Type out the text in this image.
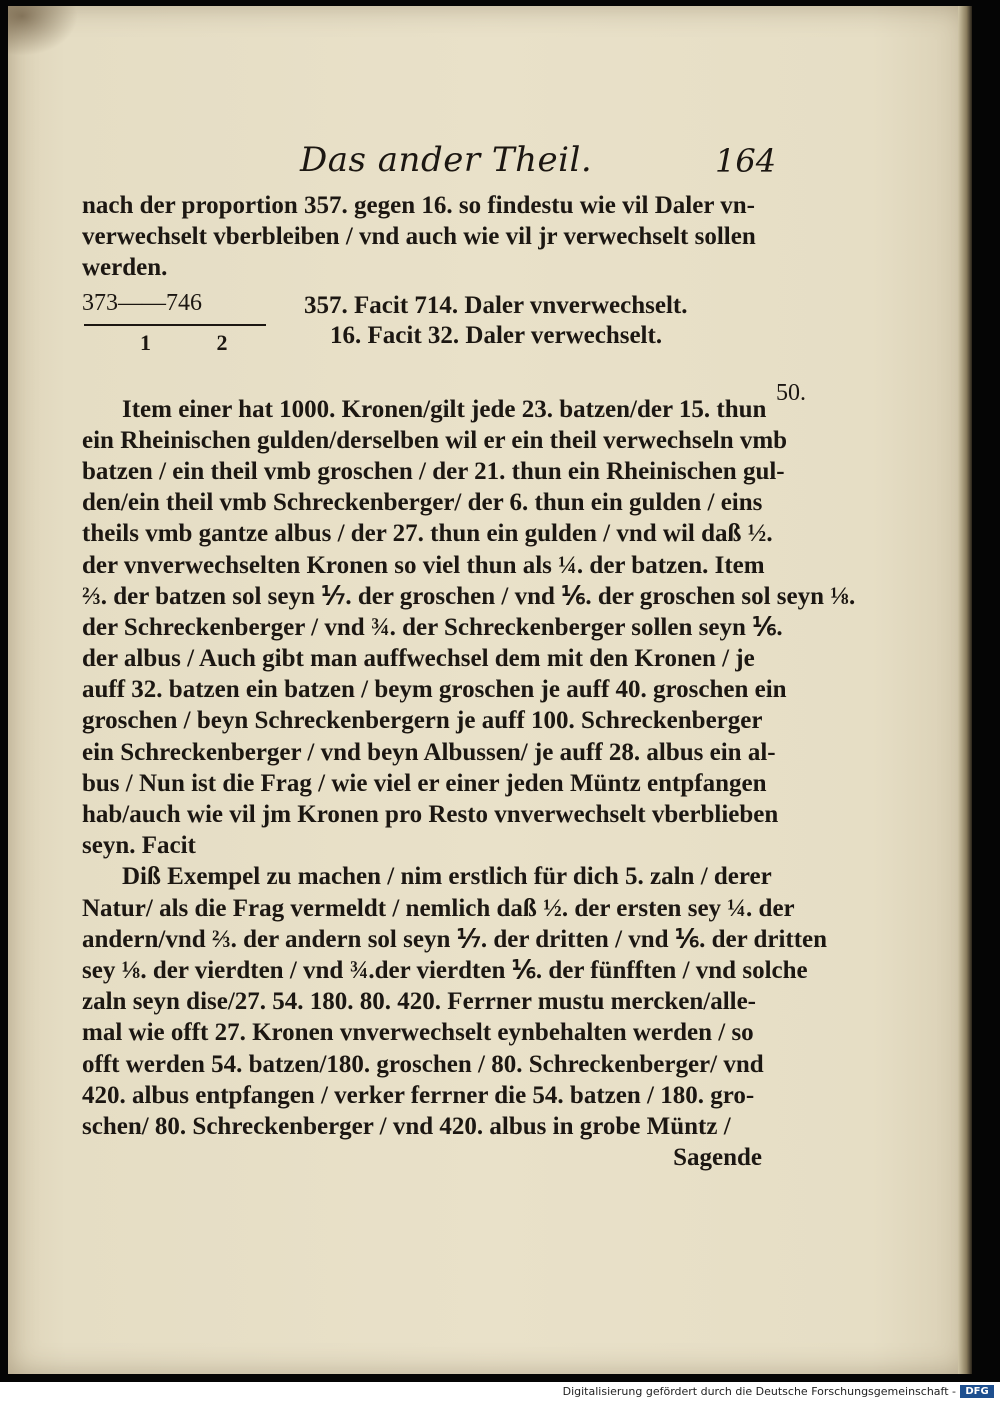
Das ander Theil.	164
nach der proportion 357. gegen 16. so findestu wie vil Daler vn-
verwechselt vberbleiben / vnd auch wie vil jr verwechselt sollen
werden.
Item einer hat 1000. Kronen/gilt jede 23. batzen/der 15. thun
ein Rheinischen gulden/derselben wil er ein theil verwechseln vmb
batzen / ein theil vmb groschen / der 21. thun ein Rheinischen gul-
den/ein theil vmb Schreckenberger/ der 6. thun ein gulden / eins
theils vmb gantze albus / der 27. thun ein gulden / vnd wil daß ½.
der vnverwechselten Kronen so viel thun als ¼. der batzen. Item
⅔. der batzen sol seyn ⅐. der groschen / vnd ⅙. der groschen sol seyn ⅛.
der Schreckenberger / vnd ¾. der Schreckenberger sollen seyn ⅙.
der albus / Auch gibt man auffwechsel dem mit den Kronen / je
auff 32. batzen ein batzen / beym groschen je auff 40. groschen ein
groschen / beyn Schreckenbergern je auff 100. Schreckenberger
ein Schreckenberger / vnd beyn Albussen/ je auff 28. albus ein al-
bus / Nun ist die Frag / wie viel er einer jeden Müntz entpfangen
hab/auch wie vil jm Kronen pro Resto vnverwechselt vberblieben
seyn. Facit
Diß Exempel zu machen / nim erstlich für dich 5. zaln / derer
Natur/ als die Frag vermeldt / nemlich daß ½. der ersten sey ¼. der
andern/vnd ⅔. der andern sol seyn ⅐. der dritten / vnd ⅙. der dritten
sey ⅛. der vierdten / vnd ¾.der vierdten ⅙. der fünfften / vnd solche
zaln seyn dise/27. 54. 180. 80. 420. Ferrner mustu mercken/alle-
mal wie offt 27. Kronen vnverwechselt eynbehalten werden / so
offt werden 54. batzen/180. groschen / 80. Schreckenberger/ vnd
420. albus entpfangen / verker ferrner die 54. batzen / 180. gro-
schen/ 80. Schreckenberger / vnd 420. albus in grobe Müntz /
Sagende
373——746
1 2
357. Facit 714. Daler vnverwechselt.
16. Facit 32. Daler verwechselt.
50.
Digitalisierung gefördert durch die Deutsche Forschungsgemeinschaft - DFG
